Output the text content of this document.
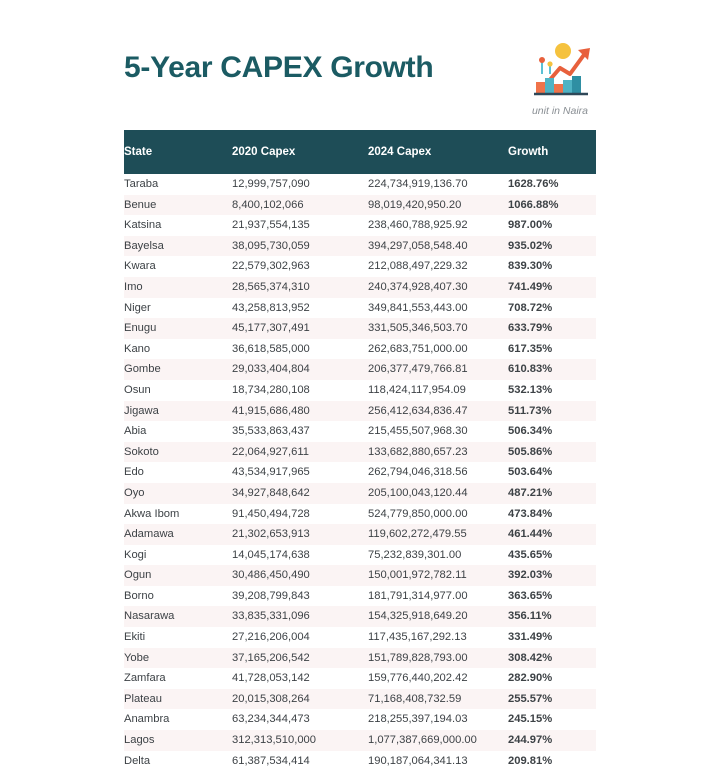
5-Year CAPEX Growth
unit in Naira
State	2020 Capex	2024 Capex	Growth
Taraba	12,999,757,090	224,734,919,136.70	1628.76%
Benue	8,400,102,066	98,019,420,950.20	1066.88%
Katsina	21,937,554,135	238,460,788,925.92	987.00%
Bayelsa	38,095,730,059	394,297,058,548.40	935.02%
Kwara	22,579,302,963	212,088,497,229.32	839.30%
Imo	28,565,374,310	240,374,928,407.30	741.49%
Niger	43,258,813,952	349,841,553,443.00	708.72%
Enugu	45,177,307,491	331,505,346,503.70	633.79%
Kano	36,618,585,000	262,683,751,000.00	617.35%
Gombe	29,033,404,804	206,377,479,766.81	610.83%
Osun	18,734,280,108	118,424,117,954.09	532.13%
Jigawa	41,915,686,480	256,412,634,836.47	511.73%
Abia	35,533,863,437	215,455,507,968.30	506.34%
Sokoto	22,064,927,611	133,682,880,657.23	505.86%
Edo	43,534,917,965	262,794,046,318.56	503.64%
Oyo	34,927,848,642	205,100,043,120.44	487.21%
Akwa Ibom	91,450,494,728	524,779,850,000.00	473.84%
Adamawa	21,302,653,913	119,602,272,479.55	461.44%
Kogi	14,045,174,638	75,232,839,301.00	435.65%
Ogun	30,486,450,490	150,001,972,782.11	392.03%
Borno	39,208,799,843	181,791,314,977.00	363.65%
Nasarawa	33,835,331,096	154,325,918,649.20	356.11%
Ekiti	27,216,206,004	117,435,167,292.13	331.49%
Yobe	37,165,206,542	151,789,828,793.00	308.42%
Zamfara	41,728,053,142	159,776,440,202.42	282.90%
Plateau	20,015,308,264	71,168,408,732.59	255.57%
Anambra	63,234,344,473	218,255,397,194.03	245.15%
Lagos	312,313,510,000	1,077,387,669,000.00	244.97%
Delta	61,387,534,414	190,187,064,341.13	209.81%
